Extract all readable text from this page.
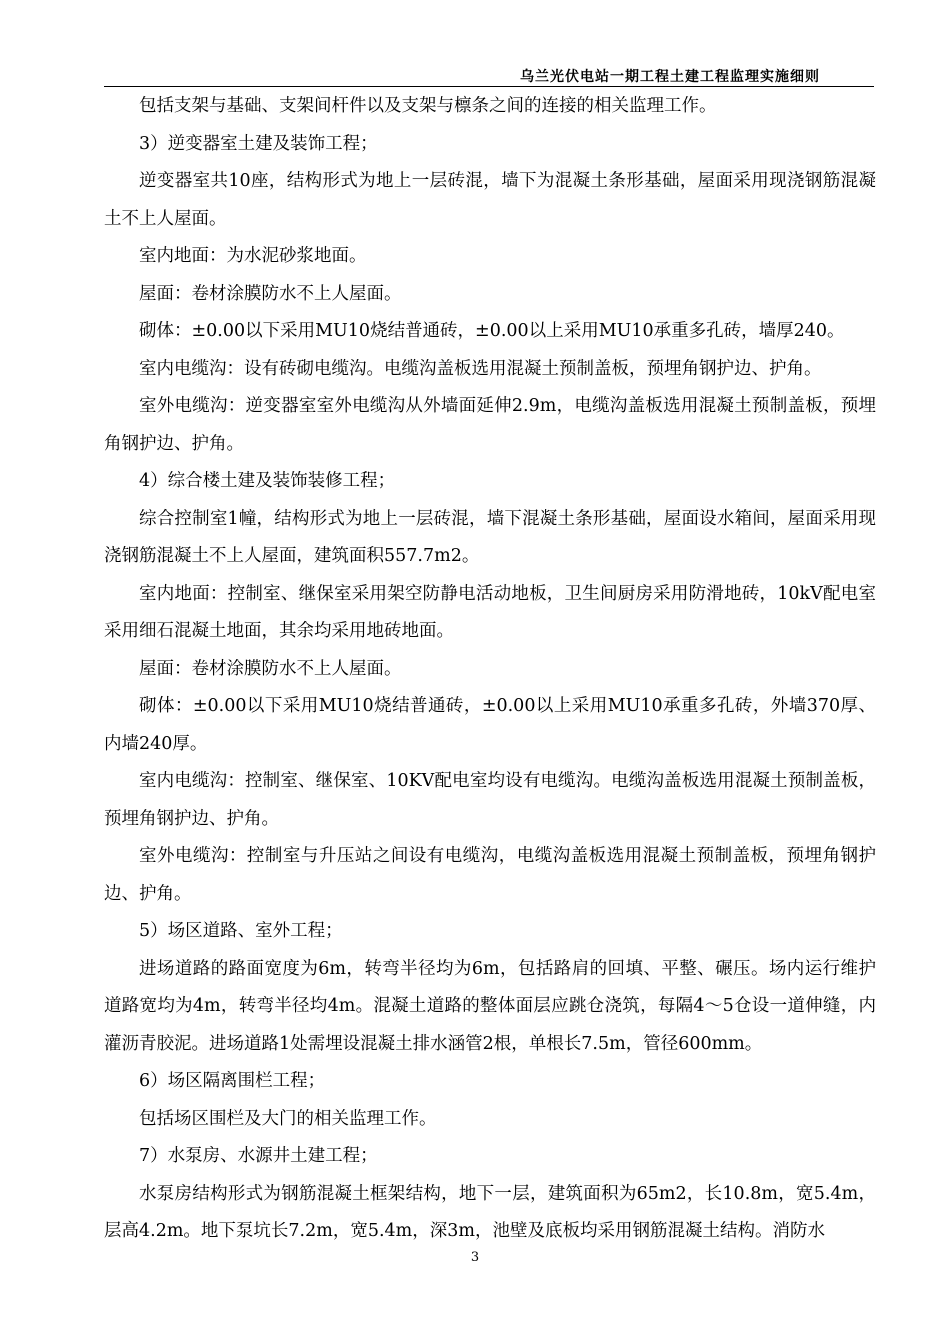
乌兰光伏电站一期工程土建工程监理实施细则

包括支架与基础、支架间杆件以及支架与檩条之间的连接的相关监理工作。

3）逆变器室土建及装饰工程；

逆变器室共10座，结构形式为地上一层砖混，墙下为混凝土条形基础，屋面采用现浇钢筋混凝土不上人屋面。

室内地面：为水泥砂浆地面。

屋面：卷材涂膜防水不上人屋面。

砌体：±0.00以下采用MU10烧结普通砖，±0.00以上采用MU10承重多孔砖，墙厚240。

室内电缆沟：设有砖砌电缆沟。电缆沟盖板选用混凝土预制盖板，预埋角钢护边、护角。

室外电缆沟：逆变器室室外电缆沟从外墙面延伸2.9m，电缆沟盖板选用混凝土预制盖板，预埋角钢护边、护角。

4）综合楼土建及装饰装修工程；

综合控制室1幢，结构形式为地上一层砖混，墙下混凝土条形基础，屋面设水箱间，屋面采用现浇钢筋混凝土不上人屋面，建筑面积557.7m2。

室内地面：控制室、继保室采用架空防静电活动地板，卫生间厨房采用防滑地砖，10kV配电室采用细石混凝土地面，其余均采用地砖地面。

屋面：卷材涂膜防水不上人屋面。

砌体：±0.00以下采用MU10烧结普通砖，±0.00以上采用MU10承重多孔砖，外墙370厚、内墙240厚。

室内电缆沟：控制室、继保室、10KV配电室均设有电缆沟。电缆沟盖板选用混凝土预制盖板，预埋角钢护边、护角。

室外电缆沟：控制室与升压站之间设有电缆沟，电缆沟盖板选用混凝土预制盖板，预埋角钢护边、护角。

5）场区道路、室外工程；

进场道路的路面宽度为6m，转弯半径均为6m，包括路肩的回填、平整、碾压。场内运行维护道路宽均为4m，转弯半径均4m。混凝土道路的整体面层应跳仓浇筑，每隔4～5仓设一道伸缝，内灌沥青胶泥。进场道路1处需埋设混凝土排水涵管2根，单根长7.5m，管径600mm。

6）场区隔离围栏工程；

包括场区围栏及大门的相关监理工作。

7）水泵房、水源井土建工程；

水泵房结构形式为钢筋混凝土框架结构，地下一层，建筑面积为65m2，长10.8m，宽5.4m，层高4.2m。地下泵坑长7.2m，宽5.4m，深3m，池壁及底板均采用钢筋混凝土结构。消防水

3
